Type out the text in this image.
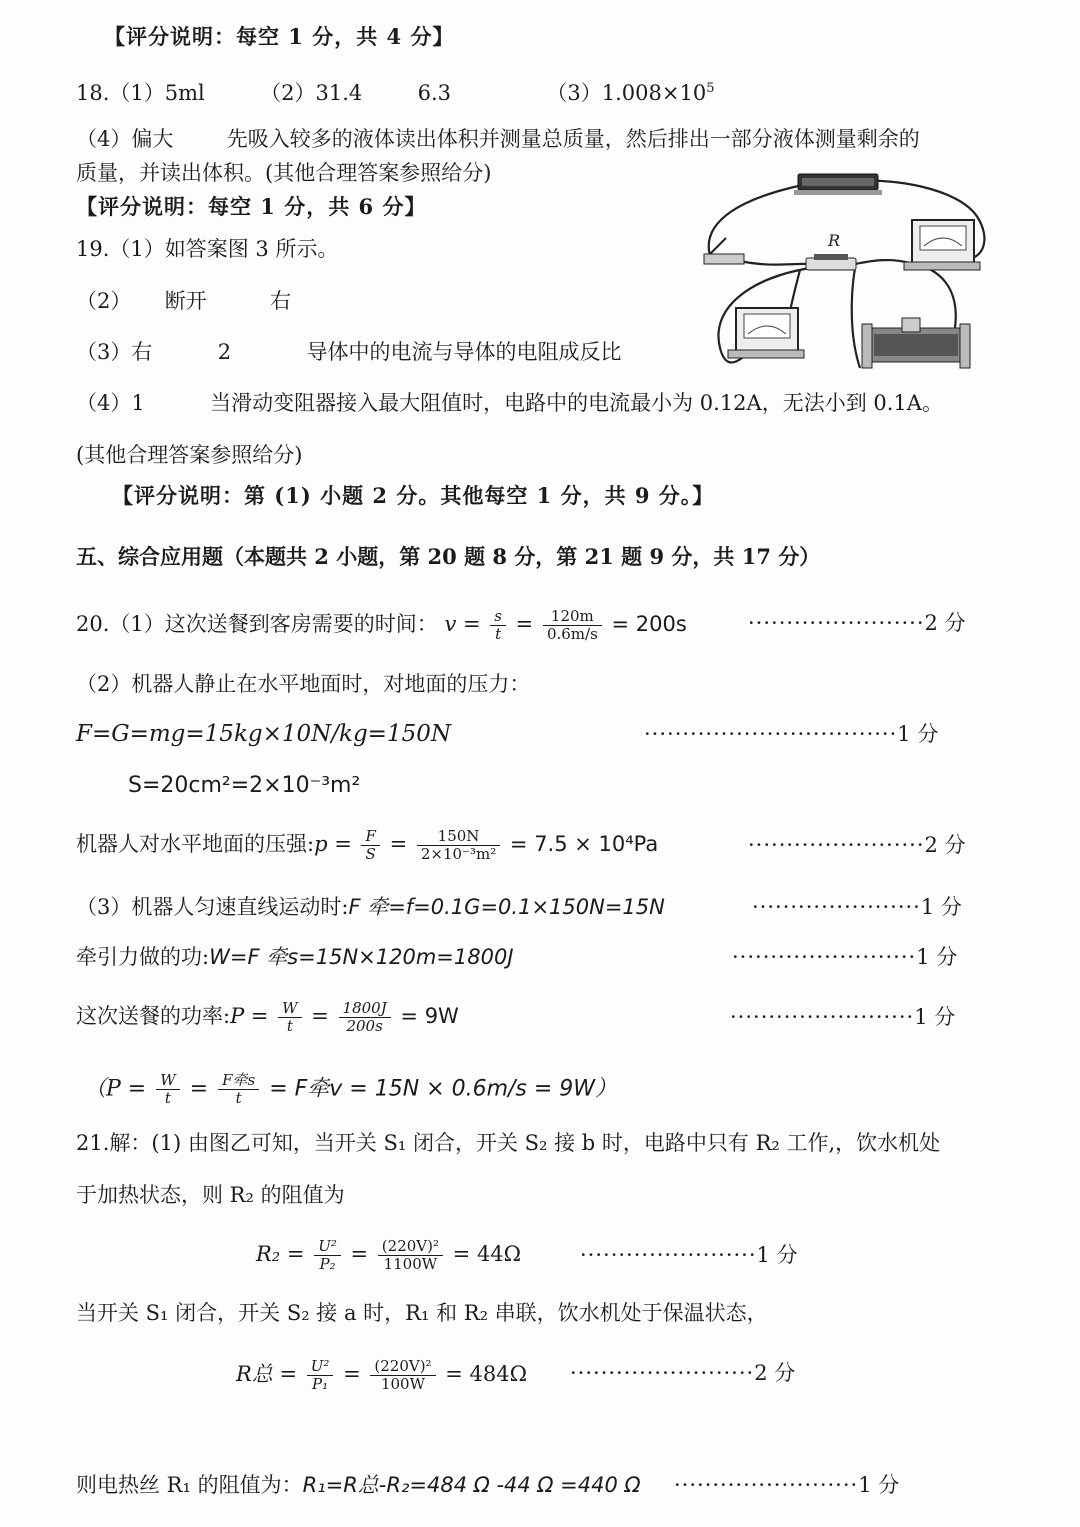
【评分说明：每空 1 分，共 4 分】
18.（1）5ml	（2）31.4	6.3	$(3)1.008\times 10^5$
（4）偏大	先吸入较多的液体读出体积并测量总质量，然后排出一部分液体测量剩余的
质量，并读出体积。(其他合理答案参照给分)
【评分说明：每空 1 分，共 6 分】
19.（1）如答案图 3 所示。
（2） 断开	右
（3）右	2	导体中的电流与导体的电阻成反比
（4）1	当滑动变阻器接入最大阻值时，电路中的电流最小为 0.12A，无法小到 0.1A。
(其他合理答案参照给分)
【评分说明：第 (1) 小题 2 分。其他每空 1 分，共 9 分。】
R
五、综合应用题（本题共 2 小题，第 20 题 8 分，第 21 题 9 分，共 17 分）
20.（1）这次送餐到客房需要的时间： $v = \frac{s}{t} = \frac{120m}{0.6m/s} = 200s$	·······················2 分
（2）机器人静止在水平地面时，对地面的压力：
F=G=mg=15kg×10N/kg=150N	·································1 分
S=20cm²=2×10⁻³m²
机器人对水平地面的压强:p = $\frac{F}{S} = \frac{150N}{\text{2×10⁻³m²}} = 7.5 \times 10^4Pa$	·······················2 分
（3）机器人匀速直线运动时:F 牵=f=0.1G=0.1×150N=15N	······················1 分
牵引力做的功:W=F 牵s=15N×120m=1800J	························1 分
这次送餐的功率:P = $\frac{W}{t} = \frac{1800J}{200s} = 9W$	························1 分
（$P = \frac{W}{t} = \frac{\text{F牵s}}{t} = F$牵v = 15N × 0.6m/s = 9W）
21.解：(1) 由图乙可知，当开关 S₁ 闭合，开关 S₂ 接 b 时，电路中只有 R₂ 工作,，饮水机处
于加热状态，则 R₂ 的阻值为
$R_2 = \frac{\text{U²}}{\text{P₂}} = \frac{\text{(220V)²}}{1100W} = 44\Omega$	·······················1 分
当开关 S₁ 闭合，开关 S₂ 接 a 时，R₁ 和 R₂ 串联，饮水机处于保温状态，
R总 = $\frac{\text{U²}}{\text{P₁}} = \frac{\text{(220V)²}}{100W} = 484\Omega \cdot\cdot\cdot\cdot\cdot\cdot\cdot\cdot\cdot\cdot\cdot\cdot\cdot\cdot\cdot\cdot\cdot\cdot\cdot\cdot\cdot\cdot\cdot\cdot 2$ 分
则电热丝 R₁ 的阻值为：R₁=R总-R₂=484 Ω -44 Ω =440 Ω ························1 分
